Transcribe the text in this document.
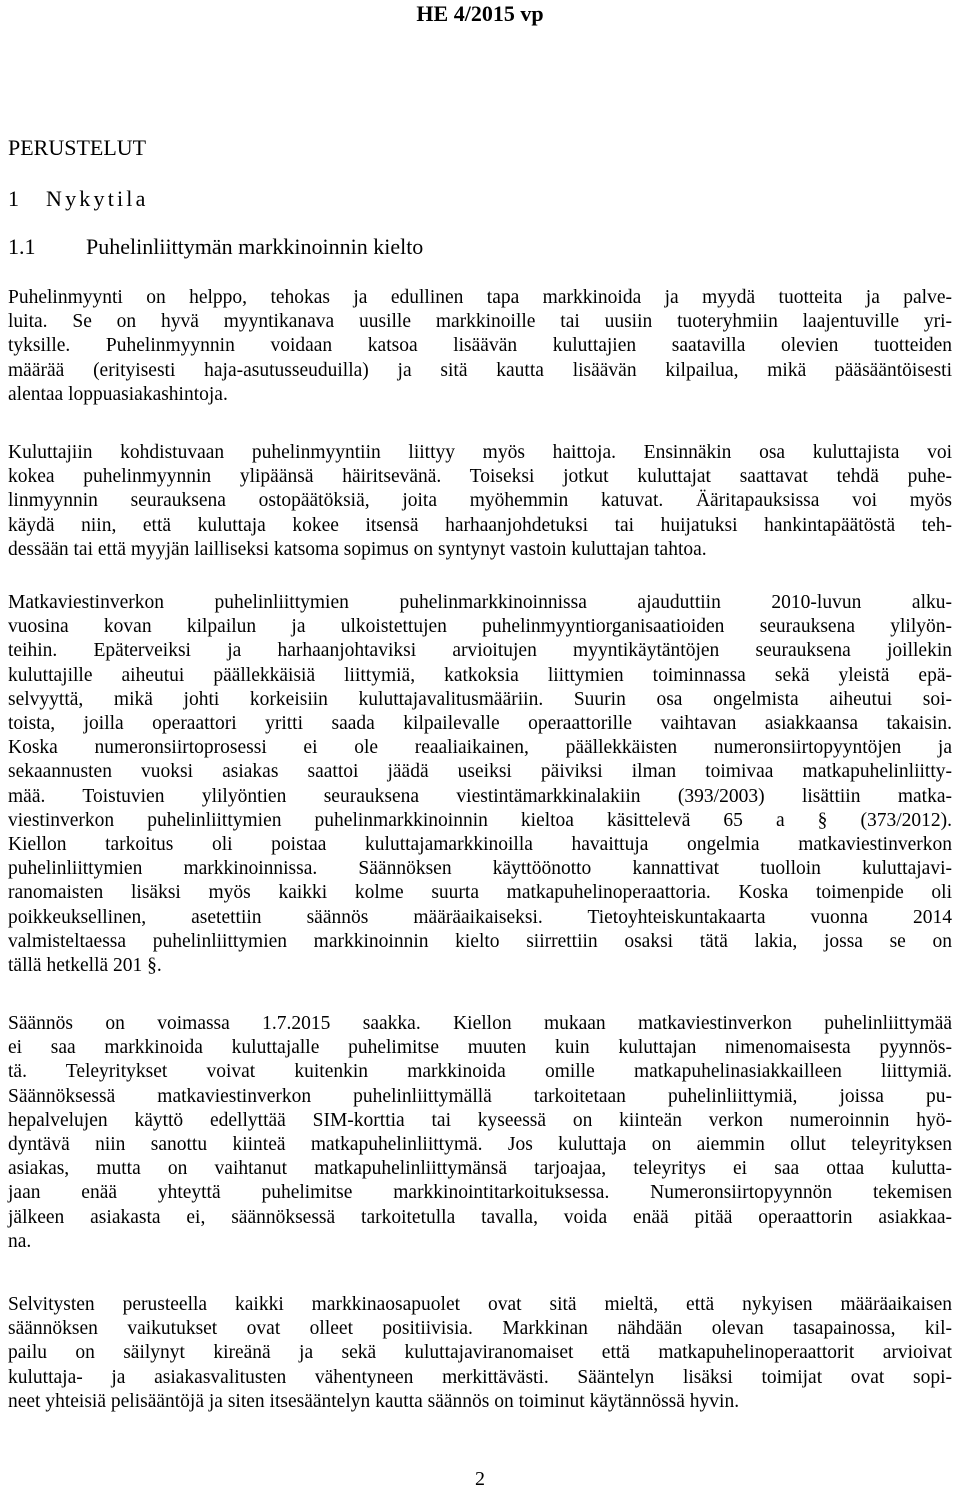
HE 4/2015 vp
PERUSTELUT
1 Nykytila
1.1 Puhelinliittymän markkinoinnin kielto
Puhelinmyynti on helppo, tehokas ja edullinen tapa markkinoida ja myydä tuotteita ja palve-
luita. Se on hyvä myyntikanava uusille markkinoille tai uusiin tuoteryhmiin laajentuville yri-
tyksille. Puhelinmyynnin voidaan katsoa lisäävän kuluttajien saatavilla olevien tuotteiden
määrää (erityisesti haja-asutusseuduilla) ja sitä kautta lisäävän kilpailua, mikä pääsääntöisesti
alentaa loppuasiakashintoja.
Kuluttajiin kohdistuvaan puhelinmyyntiin liittyy myös haittoja. Ensinnäkin osa kuluttajista voi
kokea puhelinmyynnin ylipäänsä häiritsevänä. Toiseksi jotkut kuluttajat saattavat tehdä puhe-
linmyynnin seurauksena ostopäätöksiä, joita myöhemmin katuvat. Ääritapauksissa voi myös
käydä niin, että kuluttaja kokee itsensä harhaanjohdetuksi tai huijatuksi hankintapäätöstä teh-
dessään tai että myyjän lailliseksi katsoma sopimus on syntynyt vastoin kuluttajan tahtoa.
Matkaviestinverkon puhelinliittymien puhelinmarkkinoinnissa ajauduttiin 2010-luvun alku-
vuosina kovan kilpailun ja ulkoistettujen puhelinmyyntiorganisaatioiden seurauksena ylilyön-
teihin. Epäterveiksi ja harhaanjohtaviksi arvioitujen myyntikäytäntöjen seurauksena joillekin
kuluttajille aiheutui päällekkäisiä liittymiä, katkoksia liittymien toiminnassa sekä yleistä epä-
selvyyttä, mikä johti korkeisiin kuluttajavalitusmääriin. Suurin osa ongelmista aiheutui soi-
toista, joilla operaattori yritti saada kilpailevalle operaattorille vaihtavan asiakkaansa takaisin.
Koska numeronsiirtoprosessi ei ole reaaliaikainen, päällekkäisten numeronsiirtopyyntöjen ja
sekaannusten vuoksi asiakas saattoi jäädä useiksi päiviksi ilman toimivaa matkapuhelinliitty-
mää. Toistuvien ylilyöntien seurauksena viestintämarkkinalakiin (393/2003) lisättiin matka-
viestinverkon puhelinliittymien puhelinmarkkinoinnin kieltoa käsittelevä 65 a § (373/2012).
Kiellon tarkoitus oli poistaa kuluttajamarkkinoilla havaittuja ongelmia matkaviestinverkon
puhelinliittymien markkinoinnissa. Säännöksen käyttöönotto kannattivat tuolloin kuluttajavi-
ranomaisten lisäksi myös kaikki kolme suurta matkapuhelinoperaattoria. Koska toimenpide oli
poikkeuksellinen, asetettiin säännös määräaikaiseksi. Tietoyhteiskuntakaarta vuonna 2014
valmisteltaessa puhelinliittymien markkinoinnin kielto siirrettiin osaksi tätä lakia, jossa se on
tällä hetkellä 201 §.
Säännös on voimassa 1.7.2015 saakka. Kiellon mukaan matkaviestinverkon puhelinliittymää
ei saa markkinoida kuluttajalle puhelimitse muuten kuin kuluttajan nimenomaisesta pyynnös-
tä. Teleyritykset voivat kuitenkin markkinoida omille matkapuhelinasiakkailleen liittymiä.
Säännöksessä matkaviestinverkon puhelinliittymällä tarkoitetaan puhelinliittymiä, joissa pu-
hepalvelujen käyttö edellyttää SIM-korttia tai kyseessä on kiinteän verkon numeroinnin hyö-
dyntävä niin sanottu kiinteä matkapuhelinliittymä. Jos kuluttaja on aiemmin ollut teleyrityksen
asiakas, mutta on vaihtanut matkapuhelinliittymänsä tarjoajaa, teleyritys ei saa ottaa kulutta-
jaan enää yhteyttä puhelimitse markkinointitarkoituksessa. Numeronsiirtopyynnön tekemisen
jälkeen asiakasta ei, säännöksessä tarkoitetulla tavalla, voida enää pitää operaattorin asiakkaa-
na.
Selvitysten perusteella kaikki markkinaosapuolet ovat sitä mieltä, että nykyisen määräaikaisen
säännöksen vaikutukset ovat olleet positiivisia. Markkinan nähdään olevan tasapainossa, kil-
pailu on säilynyt kireänä ja sekä kuluttajaviranomaiset että matkapuhelinoperaattorit arvioivat
kuluttaja- ja asiakasvalitusten vähentyneen merkittävästi. Sääntelyn lisäksi toimijat ovat sopi-
neet yhteisiä pelisääntöjä ja siten itsesääntelyn kautta säännös on toiminut käytännössä hyvin.
2
